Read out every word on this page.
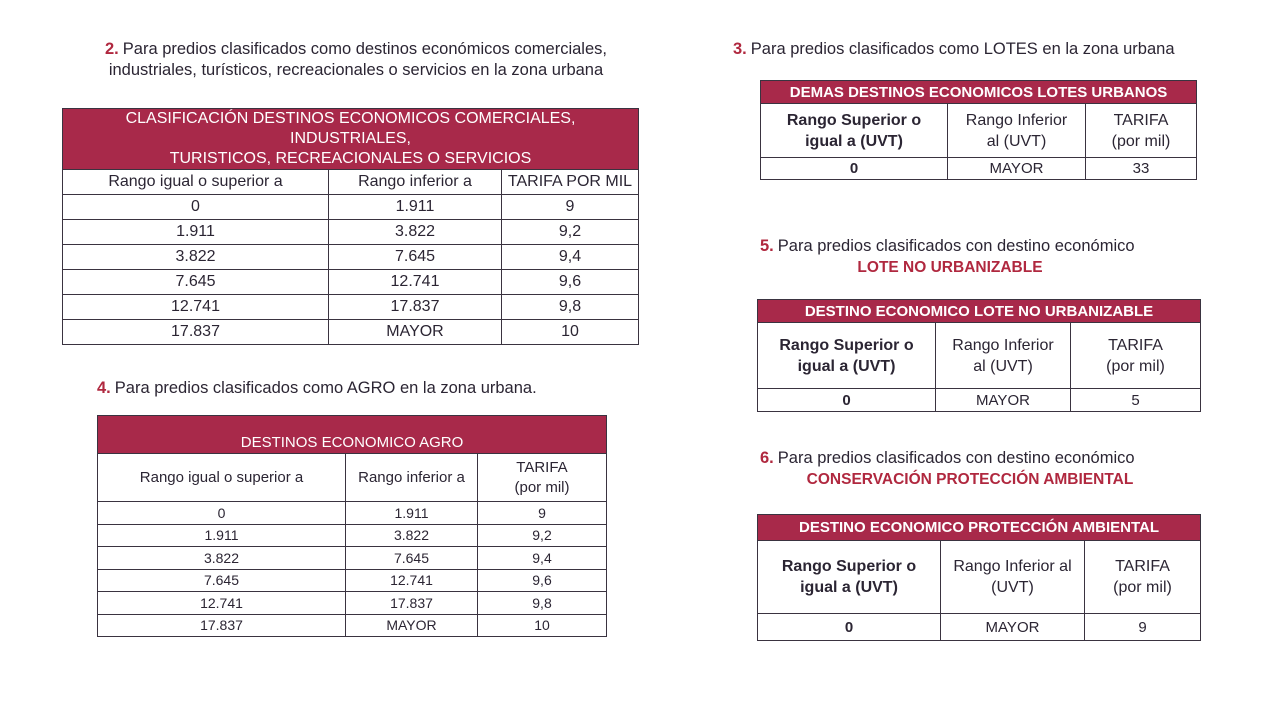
2. Para predios clasificados como destinos económicos comerciales,
industriales, turísticos, recreacionales o servicios en la zona urbana
CLASIFICACIÓN DESTINOS ECONOMICOS COMERCIALES, INDUSTRIALES,
TURISTICOS, RECREACIONALES O SERVICIOS		
Rango igual o superior a	Rango inferior a	TARIFA POR MIL
0	1.911	9
1.911	3.822	9,2
3.822	7.645	9,4
7.645	12.741	9,6
12.741	17.837	9,8
17.837	MAYOR	10
4. Para predios clasificados como AGRO en la zona urbana.
DESTINOS ECONOMICO AGRO		
Rango igual o superior a	Rango inferior a	TARIFA
(por mil)
0	1.911	9
1.911	3.822	9,2
3.822	7.645	9,4
7.645	12.741	9,6
12.741	17.837	9,8
17.837	MAYOR	10
3. Para predios clasificados como LOTES en la zona urbana
DEMAS DESTINOS ECONOMICOS LOTES URBANOS		
Rango Superior o
igual a (UVT)	Rango Inferior
al (UVT)	TARIFA
(por mil)
0	MAYOR	33
5. Para predios clasificados con destino económico
LOTE NO URBANIZABLE
DESTINO ECONOMICO LOTE NO URBANIZABLE		
Rango Superior o
igual a (UVT)	Rango Inferior
al (UVT)	TARIFA
(por mil)
0	MAYOR	5
6. Para predios clasificados con destino económico
CONSERVACIÓN PROTECCIÓN AMBIENTAL
DESTINO ECONOMICO PROTECCIÓN AMBIENTAL		
Rango Superior o
igual a (UVT)	Rango Inferior al
(UVT)	TARIFA
(por mil)
0	MAYOR	9
